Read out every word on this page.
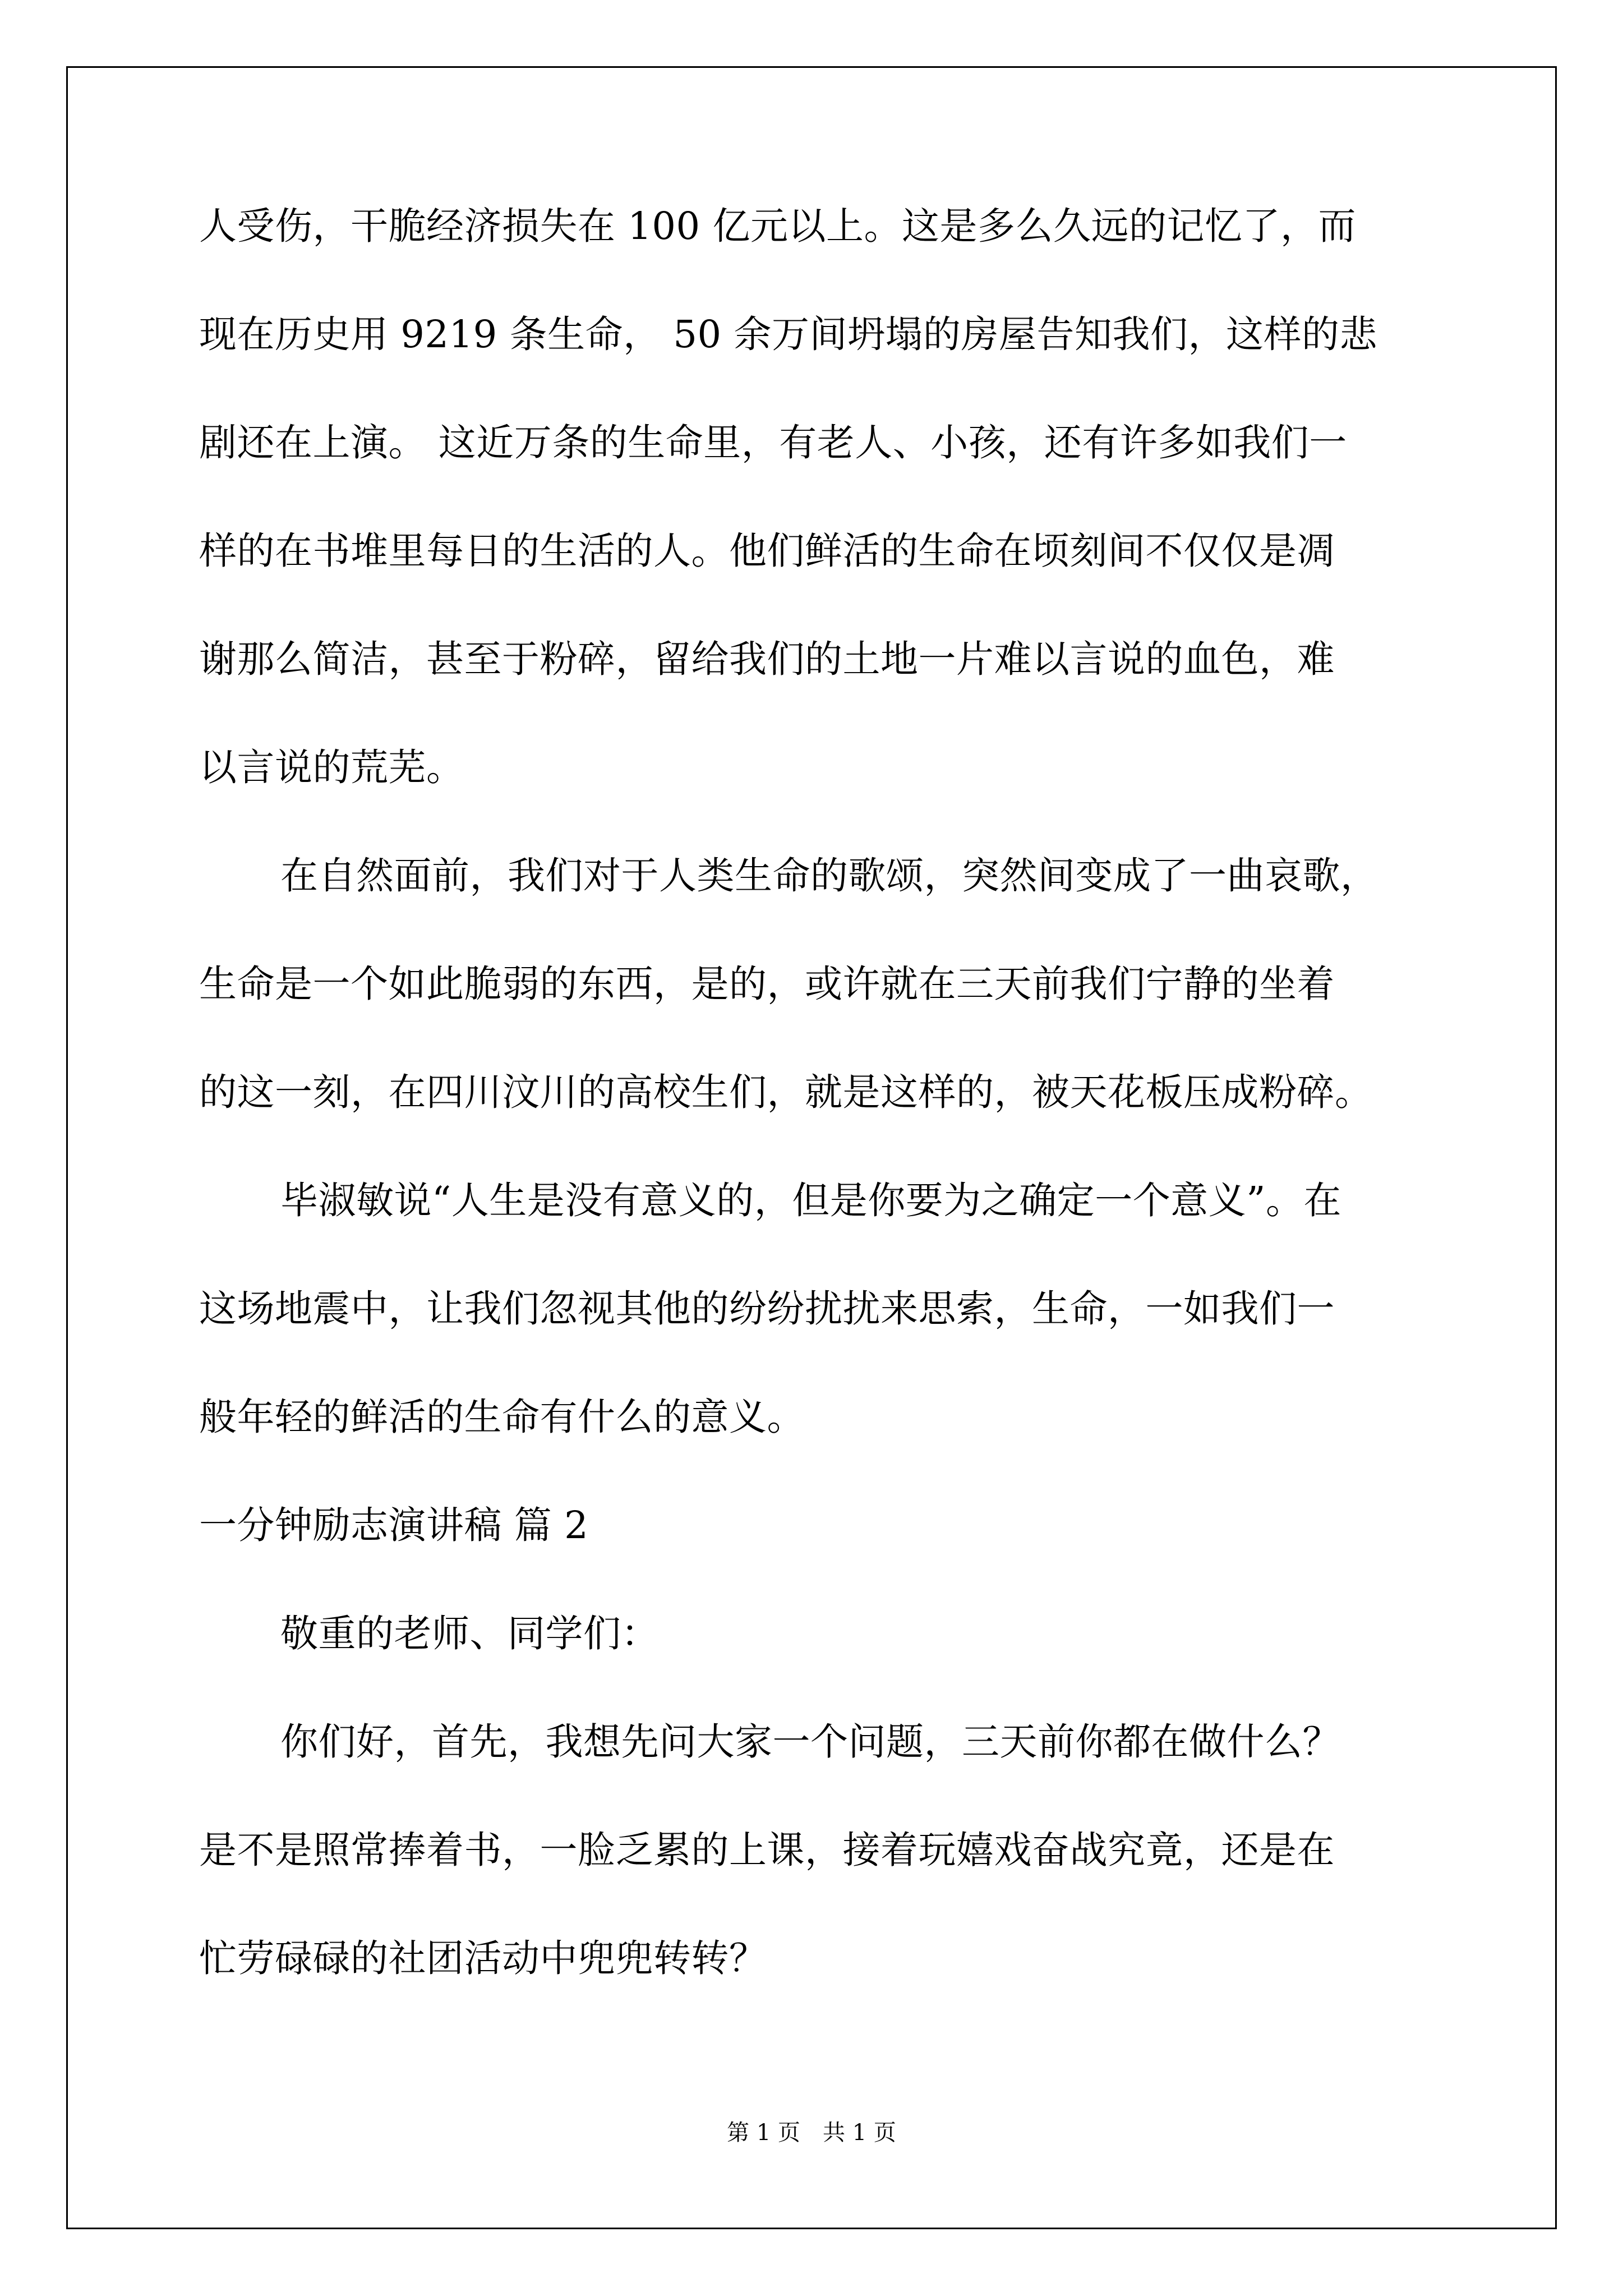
人受伤，干脆经济损失在 100 亿元以上。这是多么久远的记忆了，而
现在历史用 9219 条生命， 50 余万间坍塌的房屋告知我们，这样的悲
剧还在上演。 这近万条的生命里，有老人、小孩，还有许多如我们一
样的在书堆里每日的生活的人。他们鲜活的生命在顷刻间不仅仅是凋
谢那么简洁，甚至于粉碎，留给我们的土地一片难以言说的血色，难
以言说的荒芜。
在自然面前，我们对于人类生命的歌颂，突然间变成了一曲哀歌，
生命是一个如此脆弱的东西，是的，或许就在三天前我们宁静的坐着
的这一刻，在四川汶川的高校生们，就是这样的，被天花板压成粉碎。
毕淑敏说“人生是没有意义的，但是你要为之确定一个意义”。在
这场地震中，让我们忽视其他的纷纷扰扰来思索，生命，一如我们一
般年轻的鲜活的生命有什么的意义。
一分钟励志演讲稿 篇 2
敬重的老师、同学们：
你们好，首先，我想先问大家一个问题，三天前你都在做什么？
是不是照常捧着书，一脸乏累的上课，接着玩嬉戏奋战究竟，还是在
忙劳碌碌的社团活动中兜兜转转？
第 1 页　共 1 页
